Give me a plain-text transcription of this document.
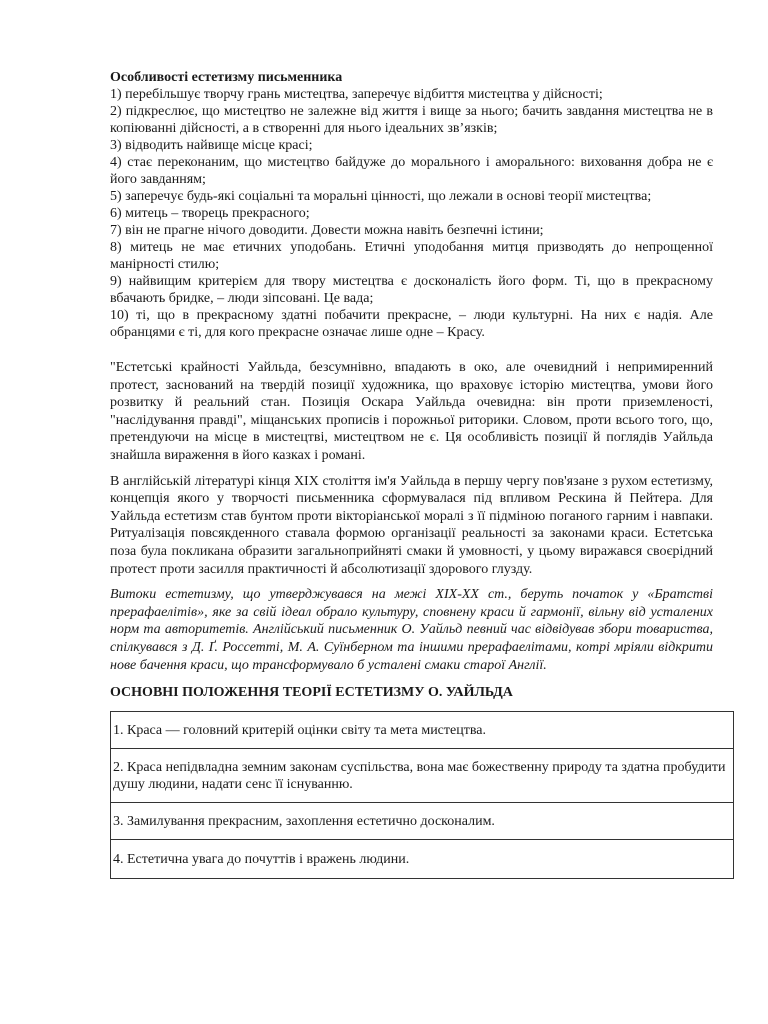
Особливості естетизму письменника

1) перебільшує творчу грань мистецтва, заперечує відбиття мистецтва у дійсності;
2) підкреслює, що мистецтво не залежне від життя і вище за нього; бачить завдання мистецтва не в копіюванні дійсності, а в створенні для нього ідеальних зв’язків;
3) відводить найвище місце красі;
4) стає переконаним, що мистецтво байдуже до морального і аморального: виховання добра не є його завданням;
5) заперечує будь-які соціальні та моральні цінності, що лежали в основі теорії мистецтва;
6) митець – творець прекрасного;
7) він не прагне нічого доводити. Довести можна навіть безпечні істини;
8) митець не має етичних уподобань. Етичні уподобання митця призводять до непрощенної манірності стилю;
9) найвищим критерієм для твору мистецтва є досконалість його форм. Ті, що в прекрасному вбачають бридке, – люди зіпсовані. Це вада;
10) ті, що в прекрасному здатні побачити прекрасне, – люди культурні. На них є надія. Але обранцями є ті, для кого прекрасне означає лише одне – Красу.

"Естетські крайності Уайльда, безсумнівно, впадають в око, але очевидний і непримиренний протест, заснований на твердій позиції художника, що враховує історію мистецтва, умови його розвитку й реальний стан. Позиція Оскара Уайльда очевидна: він проти приземленості, "наслідування правді", міщанських прописів і порожньої риторики. Словом, проти всього того, що, претендуючи на місце в мистецтві, мистецтвом не є. Ця особливість позиції й поглядів Уайльда знайшла вираження в його казках і романі.

В англійській літературі кінця XIX століття ім'я Уайльда в першу чергу пов'язане з рухом естетизму, концепція якого у творчості письменника сформувалася під впливом Рескина й Пейтера. Для Уайльда естетизм став бунтом проти вікторіанської моралі з її підміною поганого гарним і навпаки. Ритуалізація повсякденного ставала формою організації реальності за законами краси. Естетська поза була покликана образити загальноприйняті смаки й умовності, у цьому виражався своєрідний протест проти засилля практичності й абсолютизації здорового глузду.

Витоки естетизму, що утверджувався на межі XIX-XX ст., беруть початок у «Братстві прерафаелітів», яке за свій ідеал обрало культуру, сповнену краси й гармонії, вільну від усталених норм та авторитетів. Англійський письменник О. Уайльд певний час відвідував збори товариства, спілкувався з Д. Ґ. Россетті, М. А. Суїнберном та іншими прерафаелітами, котрі мріяли відкрити нове бачення краси, що трансформувало б усталені смаки старої Англії.

ОСНОВНІ ПОЛОЖЕННЯ ТЕОРІЇ ЕСТЕТИЗМУ О. УАЙЛЬДА

1. Краса — головний критерій оцінки світу та мета мистецтва.
2. Краса непідвладна земним законам суспільства, вона має божественну природу та здатна пробудити душу людини, надати сенс її існуванню.
3. Замилування прекрасним, захоплення естетично досконалим.
4. Естетична увага до почуттів і вражень людини.
